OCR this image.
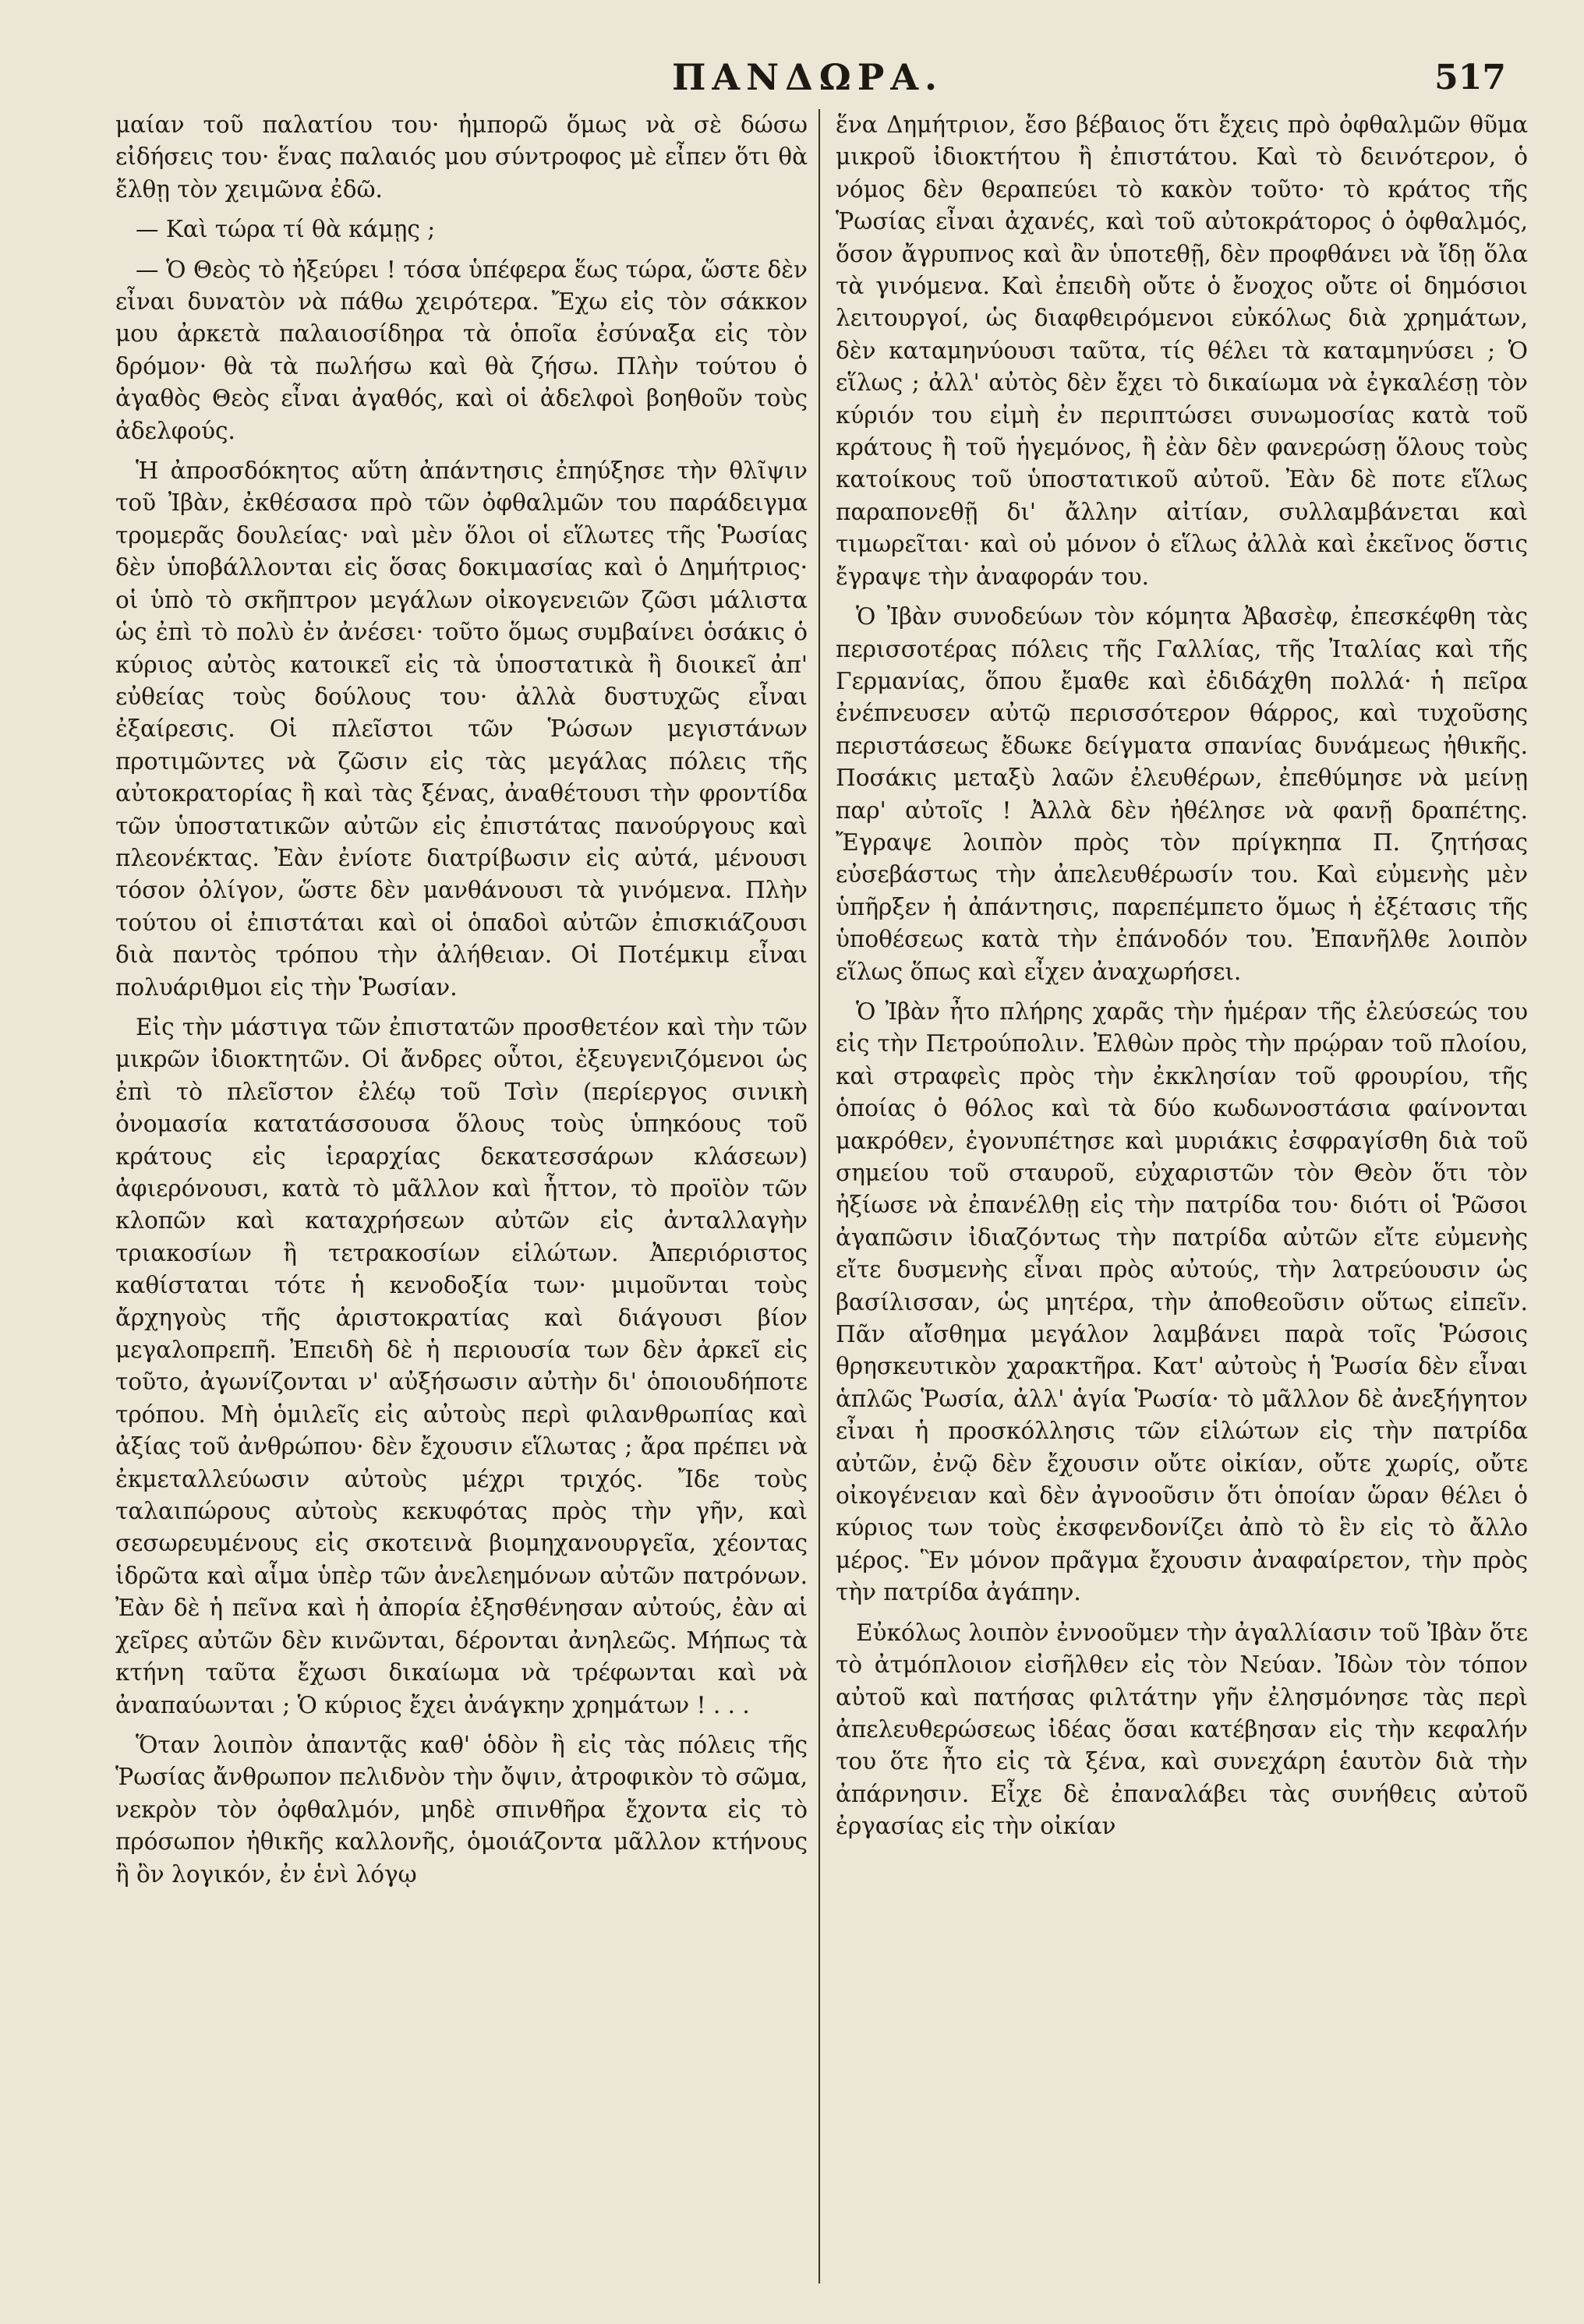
ΠΑΝΔΩΡΑ.	517

μαίαν τοῦ παλατίου του· ἠμπορῶ ὅμως νὰ σὲ δώσω εἰδήσεις του· ἕνας παλαιός μου σύντροφος μὲ εἶπεν ὅτι θὰ ἔλθῃ τὸν χειμῶνα ἐδῶ.

— Καὶ τώρα τί θὰ κάμῃς ;

— Ὁ Θεὸς τὸ ἠξεύρει ! τόσα ὑπέφερα ἕως τώρα, ὥστε δὲν εἶναι δυνατὸν νὰ πάθω χειρότερα. Ἔχω εἰς τὸν σάκκον μου ἀρκετὰ παλαιοσίδηρα τὰ ὁποῖα ἐσύναξα εἰς τὸν δρόμον· θὰ τὰ πωλήσω καὶ θὰ ζήσω. Πλὴν τούτου ὁ ἀγαθὸς Θεὸς εἶναι ἀγαθός, καὶ οἱ ἀδελφοὶ βοηθοῦν τοὺς ἀδελφούς.

Ἡ ἀπροσδόκητος αὕτη ἀπάντησις ἐπηύξησε τὴν θλῖψιν τοῦ Ἰβὰν, ἐκθέσασα πρὸ τῶν ὀφθαλμῶν του παράδειγμα τρομερᾶς δουλείας· ναὶ μὲν ὅλοι οἱ εἵλωτες τῆς Ῥωσίας δὲν ὑποβάλλονται εἰς ὅσας δοκιμασίας καὶ ὁ Δημήτριος· οἱ ὑπὸ τὸ σκῆπτρον μεγάλων οἰκογενειῶν ζῶσι μάλιστα ὡς ἐπὶ τὸ πολὺ ἐν ἀνέσει· τοῦτο ὅμως συμβαίνει ὁσάκις ὁ κύριος αὐτὸς κατοικεῖ εἰς τὰ ὑποστατικὰ ἢ διοικεῖ ἀπ' εὐθείας τοὺς δούλους του· ἀλλὰ δυστυχῶς εἶναι ἐξαίρεσις. Οἱ πλεῖστοι τῶν Ῥώσων μεγιστάνων προτιμῶντες νὰ ζῶσιν εἰς τὰς μεγάλας πόλεις τῆς αὐτοκρατορίας ἢ καὶ τὰς ξένας, ἀναθέτουσι τὴν φροντίδα τῶν ὑποστατικῶν αὐτῶν εἰς ἐπιστάτας πανούργους καὶ πλεονέκτας. Ἐὰν ἐνίοτε διατρίβωσιν εἰς αὐτά, μένουσι τόσον ὀλίγον, ὥστε δὲν μανθάνουσι τὰ γινόμενα. Πλὴν τούτου οἱ ἐπιστάται καὶ οἱ ὁπαδοὶ αὐτῶν ἐπισκιάζουσι διὰ παντὸς τρόπου τὴν ἀλήθειαν. Οἱ Ποτέμκιμ εἶναι πολυάριθμοι εἰς τὴν Ῥωσίαν.

Εἰς τὴν μάστιγα τῶν ἐπιστατῶν προσθετέον καὶ τὴν τῶν μικρῶν ἰδιοκτητῶν. Οἱ ἄνδρες οὗτοι, ἐξευγενιζόμενοι ὡς ἐπὶ τὸ πλεῖστον ἐλέῳ τοῦ Τσὶν (περίεργος σινικὴ ὀνομασία κατατάσσουσα ὅλους τοὺς ὑπηκόους τοῦ κράτους εἰς ἱεραρχίας δεκατεσσάρων κλάσεων) ἀφιερόνουσι, κατὰ τὸ μᾶλλον καὶ ἧττον, τὸ προϊὸν τῶν κλοπῶν καὶ καταχρήσεων αὐτῶν εἰς ἀνταλλαγὴν τριακοσίων ἢ τετρακοσίων εἱλώτων. Ἀπεριόριστος καθίσταται τότε ἡ κενοδοξία των· μιμοῦνται τοὺς ἄρχηγοὺς τῆς ἀριστοκρατίας καὶ διάγουσι βίον μεγαλοπρεπῆ. Ἐπειδὴ δὲ ἡ περιουσία των δὲν ἀρκεῖ εἰς τοῦτο, ἀγωνίζονται ν' αὐξήσωσιν αὐτὴν δι' ὁποιουδήποτε τρόπου. Μὴ ὁμιλεῖς εἰς αὐτοὺς περὶ φιλανθρωπίας καὶ ἀξίας τοῦ ἀνθρώπου· δὲν ἔχουσιν εἵλωτας ; ἄρα πρέπει νὰ ἐκμεταλλεύωσιν αὐτοὺς μέχρι τριχός. Ἴδε τοὺς ταλαιπώρους αὐτοὺς κεκυφότας πρὸς τὴν γῆν, καὶ σεσωρευμένους εἰς σκοτεινὰ βιομηχανουργεῖα, χέοντας ἱδρῶτα καὶ αἷμα ὑπὲρ τῶν ἀνελεημόνων αὐτῶν πατρόνων. Ἐὰν δὲ ἡ πεῖνα καὶ ἡ ἀπορία ἐξησθένησαν αὐτούς, ἐὰν αἱ χεῖρες αὐτῶν δὲν κινῶνται, δέρονται ἀνηλεῶς. Μήπως τὰ κτήνη ταῦτα ἔχωσι δικαίωμα νὰ τρέφωνται καὶ νὰ ἀναπαύωνται ; Ὁ κύριος ἔχει ἀνάγκην χρημάτων ! . . .

Ὅταν λοιπὸν ἀπαντᾷς καθ' ὁδὸν ἢ εἰς τὰς πόλεις τῆς Ῥωσίας ἄνθρωπον πελιδνὸν τὴν ὄψιν, ἀτροφικὸν τὸ σῶμα, νεκρὸν τὸν ὀφθαλμόν, μηδὲ σπινθῆρα ἔχοντα εἰς τὸ πρόσωπον ἠθικῆς καλλονῆς, ὁμοιάζοντα μᾶλλον κτήνους ἢ ὂν λογικόν, ἐν ἑνὶ λόγῳ

ἕνα Δημήτριον, ἔσο βέβαιος ὅτι ἔχεις πρὸ ὀφθαλμῶν θῦμα μικροῦ ἰδιοκτήτου ἢ ἐπιστάτου. Καὶ τὸ δεινότερον, ὁ νόμος δὲν θεραπεύει τὸ κακὸν τοῦτο· τὸ κράτος τῆς Ῥωσίας εἶναι ἀχανές, καὶ τοῦ αὐτοκράτορος ὁ ὀφθαλμός, ὅσον ἄγρυπνος καὶ ἂν ὑποτεθῇ, δὲν προφθάνει νὰ ἴδῃ ὅλα τὰ γινόμενα. Καὶ ἐπειδὴ οὔτε ὁ ἔνοχος οὔτε οἱ δημόσιοι λειτουργοί, ὡς διαφθειρόμενοι εὐκόλως διὰ χρημάτων, δὲν καταμηνύουσι ταῦτα, τίς θέλει τὰ καταμηνύσει ; Ὁ εἵλως ; ἀλλ' αὐτὸς δὲν ἔχει τὸ δικαίωμα νὰ ἐγκαλέσῃ τὸν κύριόν του εἰμὴ ἐν περιπτώσει συνωμοσίας κατὰ τοῦ κράτους ἢ τοῦ ἡγεμόνος, ἢ ἐὰν δὲν φανερώσῃ ὅλους τοὺς κατοίκους τοῦ ὑποστατικοῦ αὐτοῦ. Ἐὰν δὲ ποτε εἵλως παραπονεθῇ δι' ἄλλην αἰτίαν, συλλαμβάνεται καὶ τιμωρεῖται· καὶ οὐ μόνον ὁ εἵλως ἀλλὰ καὶ ἐκεῖνος ὅστις ἔγραψε τὴν ἀναφοράν του.

Ὁ Ἰβὰν συνοδεύων τὸν κόμητα Ἀβασὲφ, ἐπεσκέφθη τὰς περισσοτέρας πόλεις τῆς Γαλλίας, τῆς Ἰταλίας καὶ τῆς Γερμανίας, ὅπου ἔμαθε καὶ ἐδιδάχθη πολλά· ἡ πεῖρα ἐνέπνευσεν αὐτῷ περισσότερον θάρρος, καὶ τυχοῦσης περιστάσεως ἔδωκε δείγματα σπανίας δυνάμεως ἠθικῆς. Ποσάκις μεταξὺ λαῶν ἐλευθέρων, ἐπεθύμησε νὰ μείνῃ παρ' αὐτοῖς ! Ἀλλὰ δὲν ἠθέλησε νὰ φανῇ δραπέτης. Ἔγραψε λοιπὸν πρὸς τὸν πρίγκηπα Π. ζητήσας εὐσεβάστως τὴν ἀπελευθέρωσίν του. Καὶ εὐμενὴς μὲν ὑπῆρξεν ἡ ἀπάντησις, παρεπέμπετο ὅμως ἡ ἐξέτασις τῆς ὑποθέσεως κατὰ τὴν ἐπάνοδόν του. Ἐπανῆλθε λοιπὸν εἵλως ὅπως καὶ εἶχεν ἀναχωρήσει.

Ὁ Ἰβὰν ἦτο πλήρης χαρᾶς τὴν ἡμέραν τῆς ἐλεύσεώς του εἰς τὴν Πετρούπολιν. Ἐλθὼν πρὸς τὴν πρῴραν τοῦ πλοίου, καὶ στραφεὶς πρὸς τὴν ἐκκλησίαν τοῦ φρουρίου, τῆς ὁποίας ὁ θόλος καὶ τὰ δύο κωδωνοστάσια φαίνονται μακρόθεν, ἐγονυπέτησε καὶ μυριάκις ἐσφραγίσθη διὰ τοῦ σημείου τοῦ σταυροῦ, εὐχαριστῶν τὸν Θεὸν ὅτι τὸν ἠξίωσε νὰ ἐπανέλθῃ εἰς τὴν πατρίδα του· διότι οἱ Ῥῶσοι ἀγαπῶσιν ἰδιαζόντως τὴν πατρίδα αὐτῶν εἴτε εὐμενὴς εἴτε δυσμενὴς εἶναι πρὸς αὐτούς, τὴν λατρεύουσιν ὡς βασίλισσαν, ὡς μητέρα, τὴν ἀποθεοῦσιν οὕτως εἰπεῖν. Πᾶν αἴσθημα μεγάλον λαμβάνει παρὰ τοῖς Ῥώσοις θρησκευτικὸν χαρακτῆρα. Κατ' αὐτοὺς ἡ Ῥωσία δὲν εἶναι ἁπλῶς Ῥωσία, ἀλλ' ἁγία Ῥωσία· τὸ μᾶλλον δὲ ἀνεξήγητον εἶναι ἡ προσκόλλησις τῶν εἱλώτων εἰς τὴν πατρίδα αὐτῶν, ἐνῷ δὲν ἔχουσιν οὔτε οἰκίαν, οὔτε χωρίς, οὔτε οἰκογένειαν καὶ δὲν ἀγνοοῦσιν ὅτι ὁποίαν ὥραν θέλει ὁ κύριος των τοὺς ἐκσφενδονίζει ἀπὸ τὸ ἓν εἰς τὸ ἄλλο μέρος. Ἓν μόνον πρᾶγμα ἔχουσιν ἀναφαίρετον, τὴν πρὸς τὴν πατρίδα ἀγάπην.

Εὐκόλως λοιπὸν ἐννοοῦμεν τὴν ἀγαλλίασιν τοῦ Ἰβὰν ὅτε τὸ ἀτμόπλοιον εἰσῆλθεν εἰς τὸν Νεύαν. Ἰδὼν τὸν τόπον αὐτοῦ καὶ πατήσας φιλτάτην γῆν ἐλησμόνησε τὰς περὶ ἀπελευθερώσεως ἰδέας ὅσαι κατέβησαν εἰς τὴν κεφαλήν του ὅτε ἦτο εἰς τὰ ξένα, καὶ συνεχάρη ἑαυτὸν διὰ τὴν ἀπάρνησιν. Εἶχε δὲ ἐπαναλάβει τὰς συνήθεις αὐτοῦ ἐργασίας εἰς τὴν οἰκίαν
